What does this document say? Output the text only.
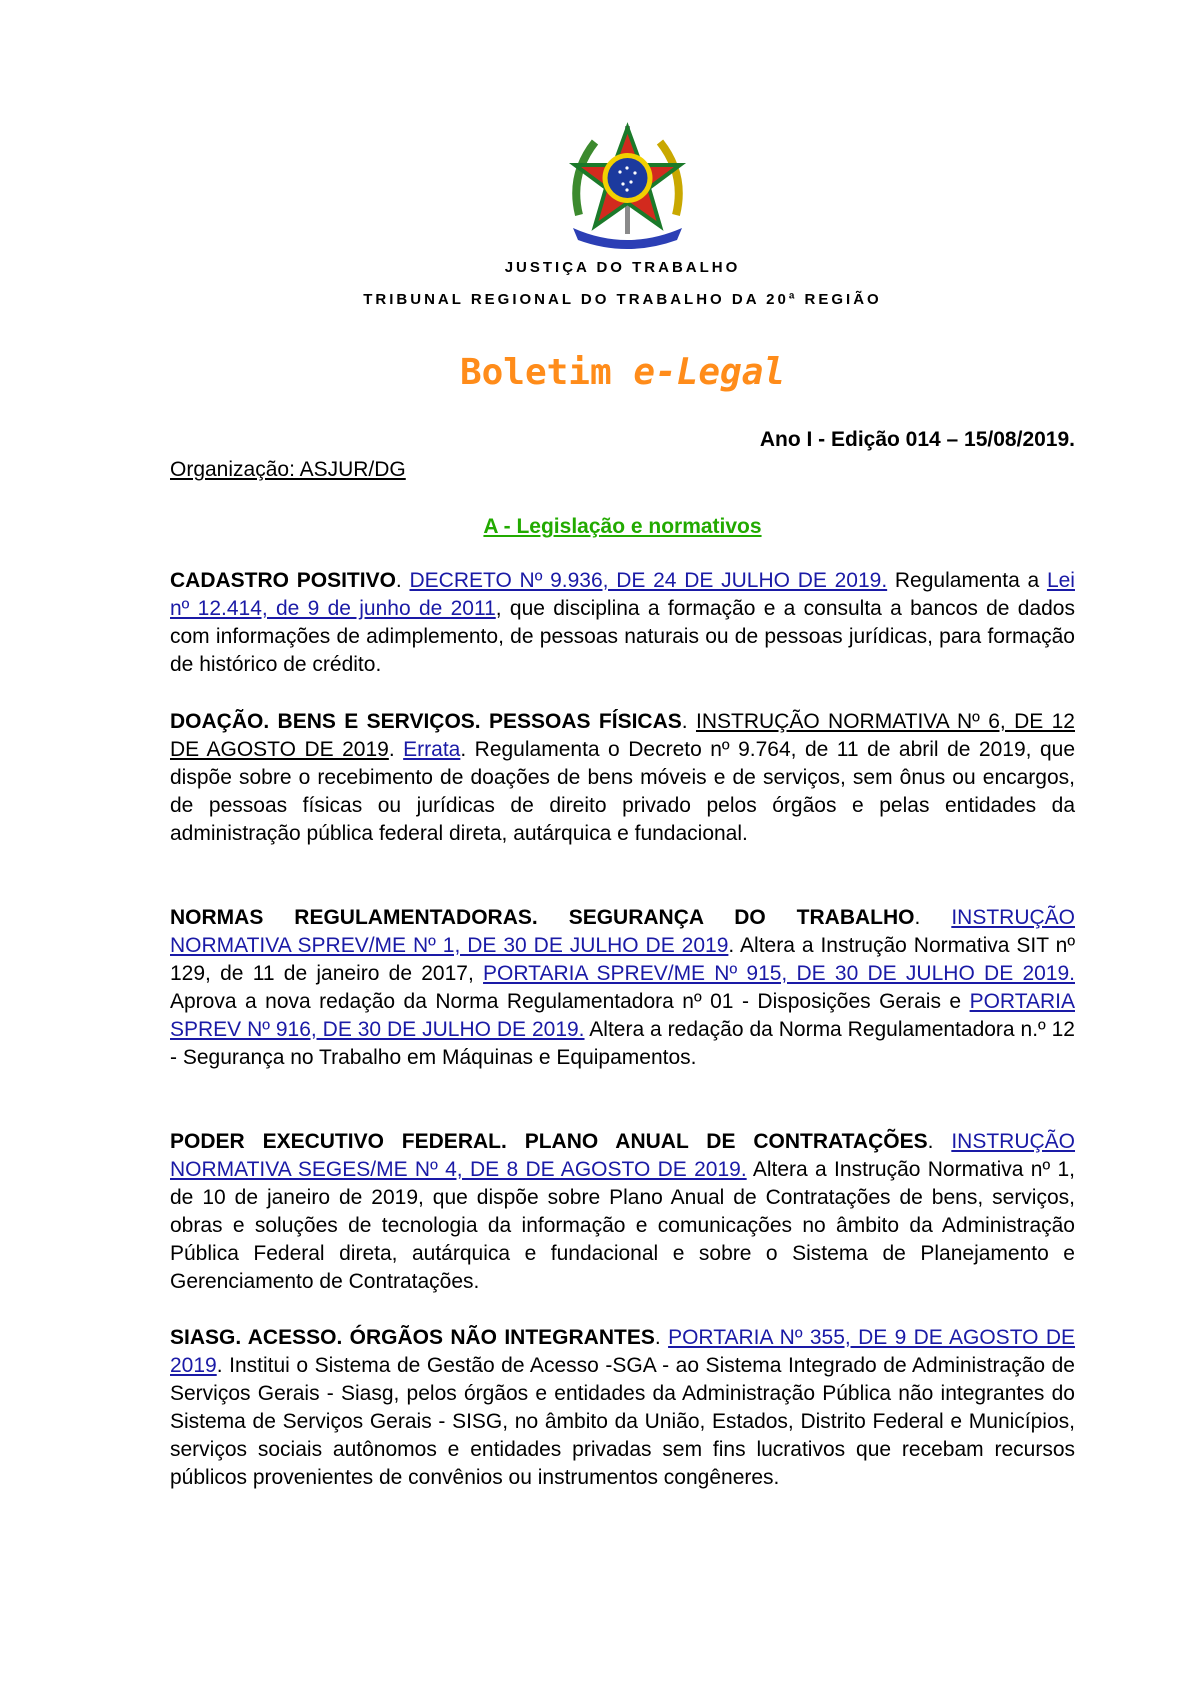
JUSTIÇA DO TRABALHO
TRIBUNAL REGIONAL DO TRABALHO DA 20ª REGIÃO
Boletim e-Legal
Ano I - Edição 014 – 15/08/2019.
Organização: ASJUR/DG
A - Legislação e normativos
CADASTRO POSITIVO. DECRETO Nº 9.936, DE 24 DE JULHO DE 2019. Regulamenta a Lei nº 12.414, de 9 de junho de 2011, que disciplina a formação e a consulta a bancos de dados com informações de adimplemento, de pessoas naturais ou de pessoas jurídicas, para formação de histórico de crédito.
DOAÇÃO. BENS E SERVIÇOS. PESSOAS FÍSICAS. INSTRUÇÃO NORMATIVA Nº 6, DE 12 DE AGOSTO DE 2019. Errata. Regulamenta o Decreto nº 9.764, de 11 de abril de 2019, que dispõe sobre o recebimento de doações de bens móveis e de serviços, sem ônus ou encargos, de pessoas físicas ou jurídicas de direito privado pelos órgãos e pelas entidades da administração pública federal direta, autárquica e fundacional.
NORMAS REGULAMENTADORAS. SEGURANÇA DO TRABALHO. INSTRUÇÃO NORMATIVA SPREV/ME Nº 1, DE 30 DE JULHO DE 2019. Altera a Instrução Normativa SIT nº 129, de 11 de janeiro de 2017, PORTARIA SPREV/ME Nº 915, DE 30 DE JULHO DE 2019. Aprova a nova redação da Norma Regulamentadora nº 01 - Disposições Gerais e PORTARIA SPREV Nº 916, DE 30 DE JULHO DE 2019. Altera a redação da Norma Regulamentadora n.º 12 - Segurança no Trabalho em Máquinas e Equipamentos.
PODER EXECUTIVO FEDERAL. PLANO ANUAL DE CONTRATAÇÕES. INSTRUÇÃO NORMATIVA SEGES/ME Nº 4, DE 8 DE AGOSTO DE 2019. Altera a Instrução Normativa nº 1, de 10 de janeiro de 2019, que dispõe sobre Plano Anual de Contratações de bens, serviços, obras e soluções de tecnologia da informação e comunicações no âmbito da Administração Pública Federal direta, autárquica e fundacional e sobre o Sistema de Planejamento e Gerenciamento de Contratações.
SIASG. ACESSO. ÓRGÃOS NÃO INTEGRANTES. PORTARIA Nº 355, DE 9 DE AGOSTO DE 2019. Institui o Sistema de Gestão de Acesso -SGA - ao Sistema Integrado de Administração de Serviços Gerais - Siasg, pelos órgãos e entidades da Administração Pública não integrantes do Sistema de Serviços Gerais - SISG, no âmbito da União, Estados, Distrito Federal e Municípios, serviços sociais autônomos e entidades privadas sem fins lucrativos que recebam recursos públicos provenientes de convênios ou instrumentos congêneres.
